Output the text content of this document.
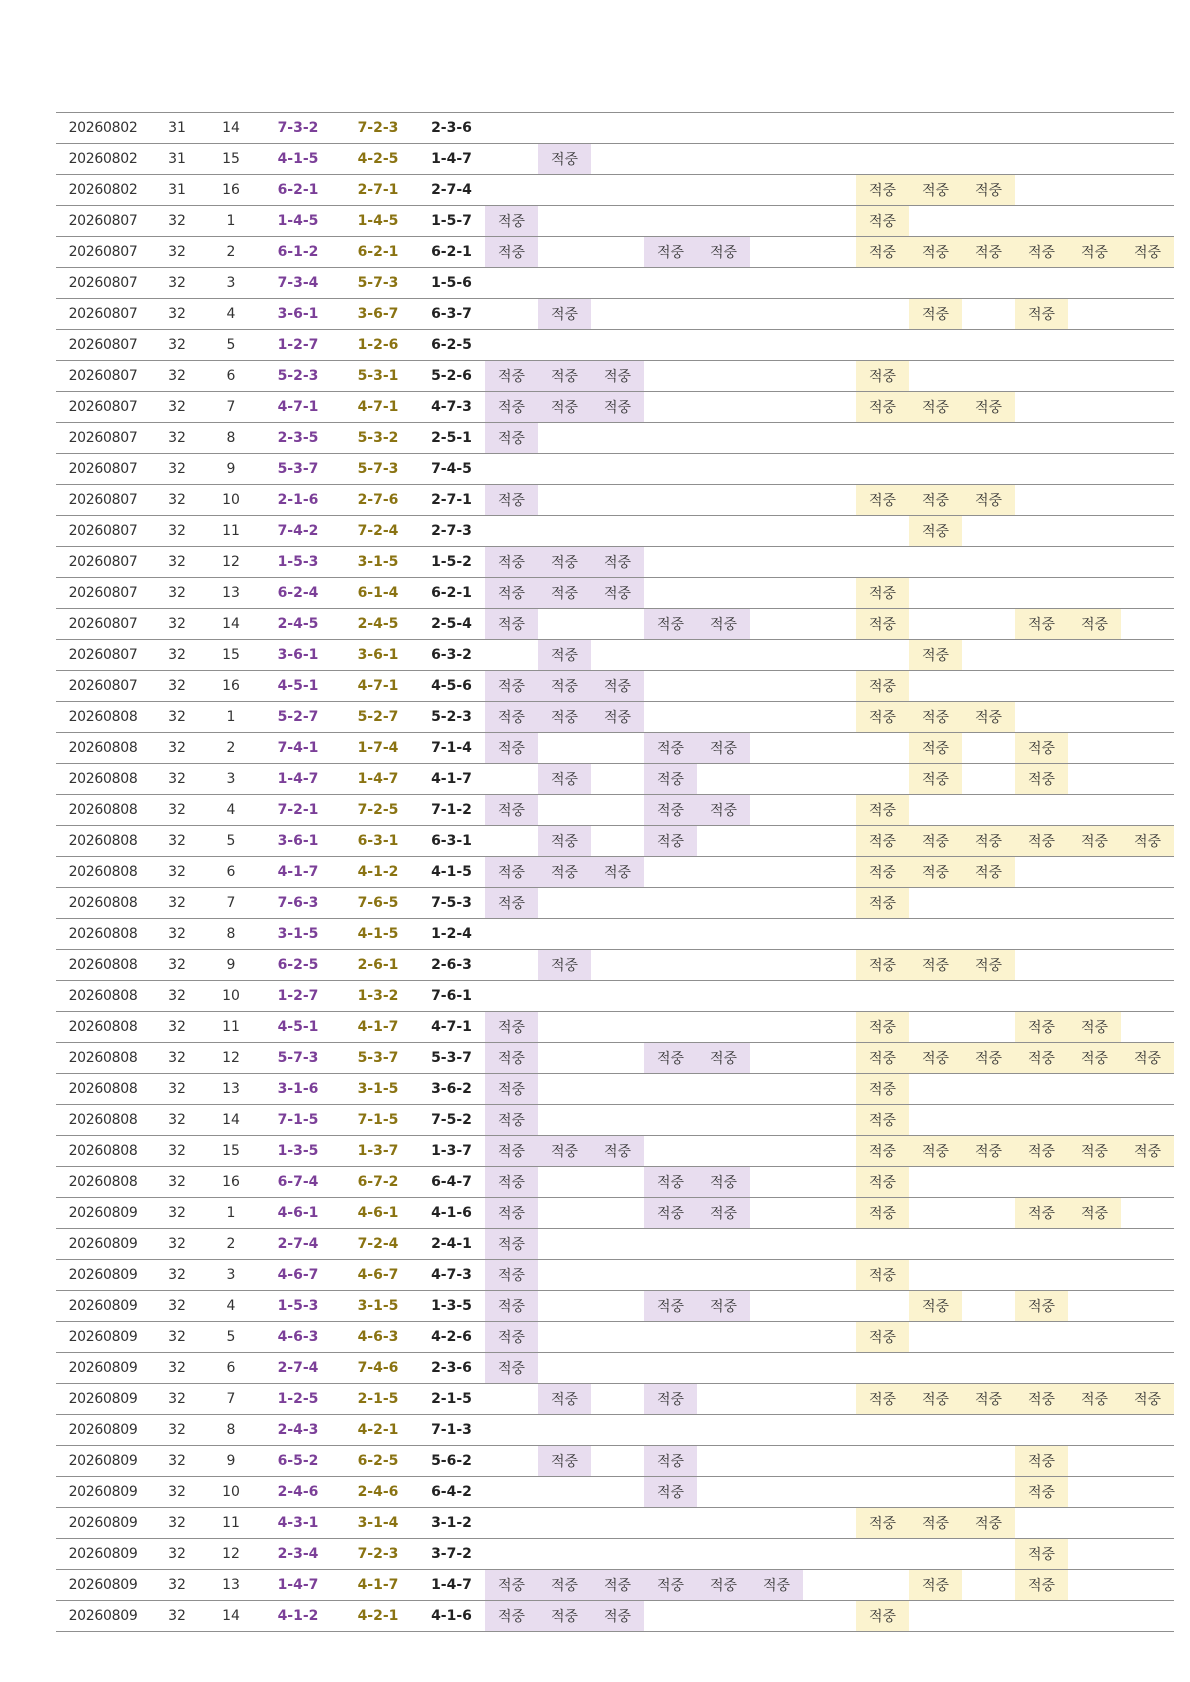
20260802	31	14	7-3-2	7-2-3	2-3-6													
20260802	31	15	4-1-5	4-2-5	1-4-7		적중											
20260802	31	16	6-2-1	2-7-1	2-7-4								적중	적중	적중			
20260807	32	1	1-4-5	1-4-5	1-5-7	적중							적중					
20260807	32	2	6-1-2	6-2-1	6-2-1	적중			적중	적중			적중	적중	적중	적중	적중	적중
20260807	32	3	7-3-4	5-7-3	1-5-6													
20260807	32	4	3-6-1	3-6-7	6-3-7		적중							적중		적중		
20260807	32	5	1-2-7	1-2-6	6-2-5													
20260807	32	6	5-2-3	5-3-1	5-2-6	적중	적중	적중					적중					
20260807	32	7	4-7-1	4-7-1	4-7-3	적중	적중	적중					적중	적중	적중			
20260807	32	8	2-3-5	5-3-2	2-5-1	적중												
20260807	32	9	5-3-7	5-7-3	7-4-5													
20260807	32	10	2-1-6	2-7-6	2-7-1	적중							적중	적중	적중			
20260807	32	11	7-4-2	7-2-4	2-7-3									적중				
20260807	32	12	1-5-3	3-1-5	1-5-2	적중	적중	적중										
20260807	32	13	6-2-4	6-1-4	6-2-1	적중	적중	적중					적중					
20260807	32	14	2-4-5	2-4-5	2-5-4	적중			적중	적중			적중			적중	적중	
20260807	32	15	3-6-1	3-6-1	6-3-2		적중							적중				
20260807	32	16	4-5-1	4-7-1	4-5-6	적중	적중	적중					적중					
20260808	32	1	5-2-7	5-2-7	5-2-3	적중	적중	적중					적중	적중	적중			
20260808	32	2	7-4-1	1-7-4	7-1-4	적중			적중	적중				적중		적중		
20260808	32	3	1-4-7	1-4-7	4-1-7		적중		적중					적중		적중		
20260808	32	4	7-2-1	7-2-5	7-1-2	적중			적중	적중			적중					
20260808	32	5	3-6-1	6-3-1	6-3-1		적중		적중				적중	적중	적중	적중	적중	적중
20260808	32	6	4-1-7	4-1-2	4-1-5	적중	적중	적중					적중	적중	적중			
20260808	32	7	7-6-3	7-6-5	7-5-3	적중							적중					
20260808	32	8	3-1-5	4-1-5	1-2-4													
20260808	32	9	6-2-5	2-6-1	2-6-3		적중						적중	적중	적중			
20260808	32	10	1-2-7	1-3-2	7-6-1													
20260808	32	11	4-5-1	4-1-7	4-7-1	적중							적중			적중	적중	
20260808	32	12	5-7-3	5-3-7	5-3-7	적중			적중	적중			적중	적중	적중	적중	적중	적중
20260808	32	13	3-1-6	3-1-5	3-6-2	적중							적중					
20260808	32	14	7-1-5	7-1-5	7-5-2	적중							적중					
20260808	32	15	1-3-5	1-3-7	1-3-7	적중	적중	적중					적중	적중	적중	적중	적중	적중
20260808	32	16	6-7-4	6-7-2	6-4-7	적중			적중	적중			적중					
20260809	32	1	4-6-1	4-6-1	4-1-6	적중			적중	적중			적중			적중	적중	
20260809	32	2	2-7-4	7-2-4	2-4-1	적중												
20260809	32	3	4-6-7	4-6-7	4-7-3	적중							적중					
20260809	32	4	1-5-3	3-1-5	1-3-5	적중			적중	적중				적중		적중		
20260809	32	5	4-6-3	4-6-3	4-2-6	적중							적중					
20260809	32	6	2-7-4	7-4-6	2-3-6	적중												
20260809	32	7	1-2-5	2-1-5	2-1-5		적중		적중				적중	적중	적중	적중	적중	적중
20260809	32	8	2-4-3	4-2-1	7-1-3													
20260809	32	9	6-5-2	6-2-5	5-6-2		적중		적중							적중		
20260809	32	10	2-4-6	2-4-6	6-4-2				적중							적중		
20260809	32	11	4-3-1	3-1-4	3-1-2								적중	적중	적중			
20260809	32	12	2-3-4	7-2-3	3-7-2											적중		
20260809	32	13	1-4-7	4-1-7	1-4-7	적중	적중	적중	적중	적중	적중			적중		적중		
20260809	32	14	4-1-2	4-2-1	4-1-6	적중	적중	적중					적중					
